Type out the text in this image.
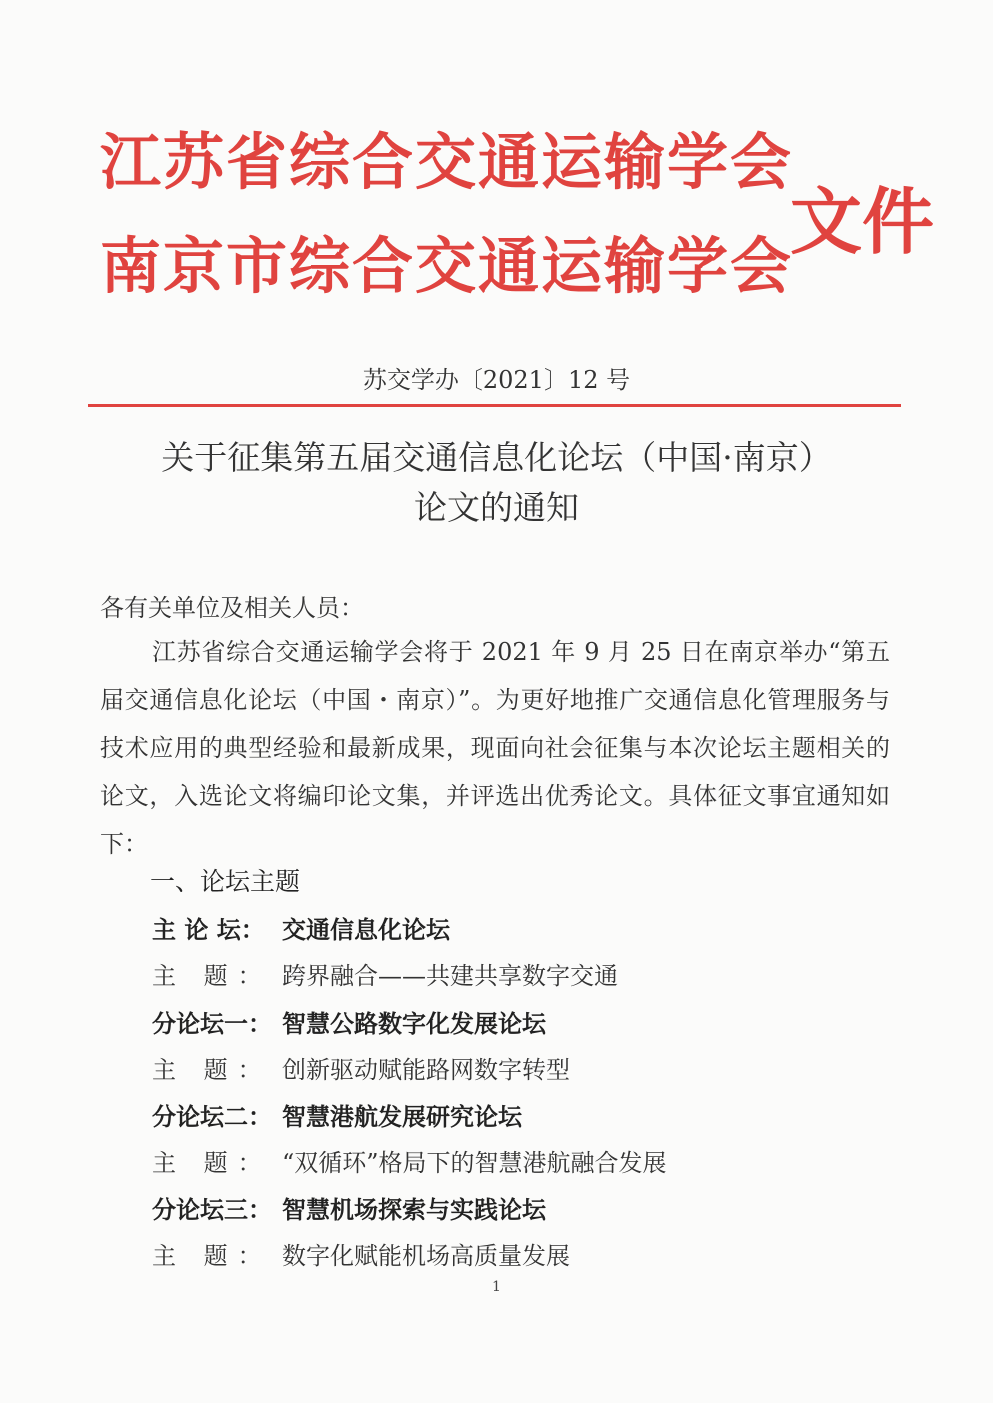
江苏省综合交通运输学会
南京市综合交通运输学会
文件
苏交学办〔2021〕12 号
关于征集第五届交通信息化论坛（中国·南京）
论文的通知
各有关单位及相关人员：
江苏省综合交通运输学会将于 2021 年 9 月 25 日在南京举办“第五届交通信息化论坛（中国・南京）”。为更好地推广交通信息化管理服务与技术应用的典型经验和最新成果，现面向社会征集与本次论坛主题相关的论文，入选论文将编印论文集，并评选出优秀论文。具体征文事宜通知如下：
一、论坛主题
主 论 坛： 交通信息化论坛
主 题： 跨界融合——共建共享数字交通
分论坛一： 智慧公路数字化发展论坛
主 题： 创新驱动赋能路网数字转型
分论坛二： 智慧港航发展研究论坛
主 题： “双循环”格局下的智慧港航融合发展
分论坛三： 智慧机场探索与实践论坛
主 题： 数字化赋能机场高质量发展
1
